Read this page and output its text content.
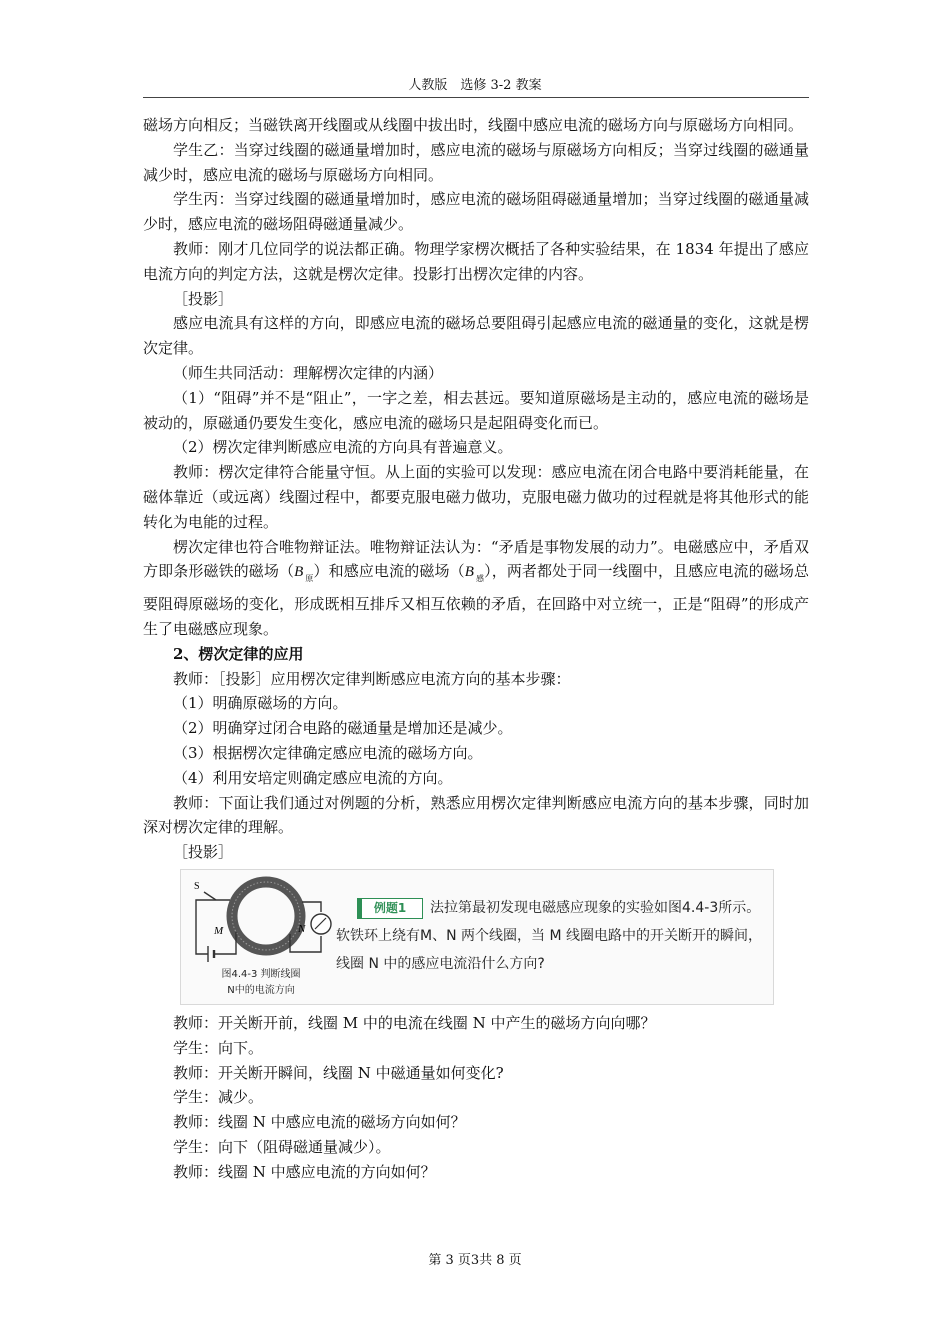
人教版　选修 3-2 教案

磁场方向相反；当磁铁离开线圈或从线圈中拔出时，线圈中感应电流的磁场方向与原磁场方向相同。

学生乙：当穿过线圈的磁通量增加时，感应电流的磁场与原磁场方向相反；当穿过线圈的磁通量减少时，感应电流的磁场与原磁场方向相同。

学生丙：当穿过线圈的磁通量增加时，感应电流的磁场阻碍磁通量增加；当穿过线圈的磁通量减少时，感应电流的磁场阻碍磁通量减少。

教师：刚才几位同学的说法都正确。物理学家楞次概括了各种实验结果，在 1834 年提出了感应电流方向的判定方法，这就是楞次定律。投影打出楞次定律的内容。

［投影］

感应电流具有这样的方向，即感应电流的磁场总要阻碍引起感应电流的磁通量的变化，这就是楞次定律。

（师生共同活动：理解楞次定律的内涵）

（1）“阻碍”并不是“阻止”，一字之差，相去甚远。要知道原磁场是主动的，感应电流的磁场是被动的，原磁通仍要发生变化，感应电流的磁场只是起阻碍变化而已。

（2）楞次定律判断感应电流的方向具有普遍意义。

教师：楞次定律符合能量守恒。从上面的实验可以发现：感应电流在闭合电路中要消耗能量，在磁体靠近（或远离）线圈过程中，都要克服电磁力做功，克服电磁力做功的过程就是将其他形式的能转化为电能的过程。

楞次定律也符合唯物辩证法。唯物辩证法认为：“矛盾是事物发展的动力”。电磁感应中，矛盾双方即条形磁铁的磁场（B $_原$）和感应电流的磁场（B $_感$），两者都处于同一线圈中，且感应电流的磁场总要阻碍原磁场的变化，形成既相互排斥又相互依赖的矛盾，在回路中对立统一，正是“阻碍”的形成产生了电磁感应现象。

2、楞次定律的应用

教师：［投影］应用楞次定律判断感应电流方向的基本步骤：

（1）明确原磁场的方向。

（2）明确穿过闭合电路的磁通量是增加还是减少。

（3）根据楞次定律确定感应电流的磁场方向。

（4）利用安培定则确定感应电流的方向。

教师：下面让我们通过对例题的分析，熟悉应用楞次定律判断感应电流方向的基本步骤，同时加深对楞次定律的理解。

［投影］

S
M	N
图4.4-3 判断线圈
N中的电流方向
例题1	法拉第最初发现电磁感应现象的实验如图4.4-3所示。软铁环上绕有M、N 两个线圈，当 M 线圈电路中的开关断开的瞬间，线圈 N 中的感应电流沿什么方向?

教师：开关断开前，线圈 M 中的电流在线圈 N 中产生的磁场方向向哪？

学生：向下。

教师：开关断开瞬间，线圈 N 中磁通量如何变化?

学生：减少。

教师：线圈 N 中感应电流的磁场方向如何？

学生：向下（阻碍磁通量减少）。

教师：线圈 N 中感应电流的方向如何？

第 3 页3共 8 页
